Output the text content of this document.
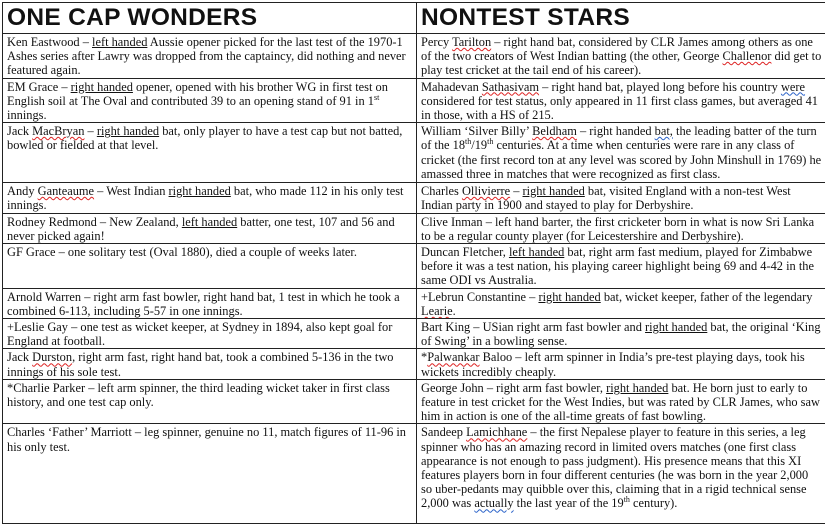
ONE CAP WONDERS	NONTEST STARS
Ken Eastwood – left handed Aussie opener picked for the last test of the 1970-1 Ashes series after Lawry was dropped from the captaincy, did nothing and never featured again.	Percy Tarilton – right hand bat, considered by CLR James among others as one of the two creators of West Indian batting (the other, George Challenor did get to play test cricket at the tail end of his career).
EM Grace – right handed opener, opened with his brother WG in first test on English soil at The Oval and contributed 39 to an opening stand of 91 in 1st innings.	Mahadevan Sathasivam – right hand bat, played long before his country were considered for test status, only appeared in 11 first class games, but averaged 41 in those, with a HS of 215.
Jack MacBryan – right handed bat, only player to have a test cap but not batted, bowled or fielded at that level.	William ‘Silver Billy’ Beldham – right handed bat, the leading batter of the turn of the 18th/19th centuries. At a time when centuries were rare in any class of cricket (the first record ton at any level was scored by John Minshull in 1769) he amassed three in matches that were recognized as first class.
Andy Ganteaume – West Indian right handed bat, who made 112 in his only test innings.	Charles Ollivierre – right handed bat, visited England with a non-test West Indian party in 1900 and stayed to play for Derbyshire.
Rodney Redmond – New Zealand, left handed batter, one test, 107 and 56 and never picked again!	Clive Inman – left hand barter, the first cricketer born in what is now Sri Lanka to be a regular county player (for Leicestershire and Derbyshire).
GF Grace – one solitary test (Oval 1880), died a couple of weeks later.	Duncan Fletcher, left handed bat, right arm fast medium, played for Zimbabwe before it was a test nation, his playing career highlight being 69 and 4-42 in the same ODI vs Australia.
Arnold Warren – right arm fast bowler, right hand bat, 1 test in which he took a combined 6-113, including 5-57 in one innings.	+Lebrun Constantine – right handed bat, wicket keeper, father of the legendary Learie.
+Leslie Gay – one test as wicket keeper, at Sydney in 1894, also kept goal for England at football.	Bart King – USian right arm fast bowler and right handed bat, the original ‘King of Swing’ in a bowling sense.
Jack Durston, right arm fast, right hand bat, took a combined 5-136 in the two innings of his sole test.	*Palwankar Baloo – left arm spinner in India’s pre-test playing days, took his wickets incredibly cheaply.
*Charlie Parker – left arm spinner, the third leading wicket taker in first class history, and one test cap only.	George John – right arm fast bowler, right handed bat. He born just to early to feature in test cricket for the West Indies, but was rated by CLR James, who saw him in action is one of the all-time greats of fast bowling.
Charles ‘Father’ Marriott – leg spinner, genuine no 11, match figures of 11-96 in his only test.	Sandeep Lamichhane – the first Nepalese player to feature in this series, a leg spinner who has an amazing record in limited overs matches (one first class appearance is not enough to pass judgment). His presence means that this XI features players born in four different centuries (he was born in the year 2,000 so uber-pedants may quibble over this, claiming that in a rigid technical sense 2,000 was actually the last year of the 19th century).
